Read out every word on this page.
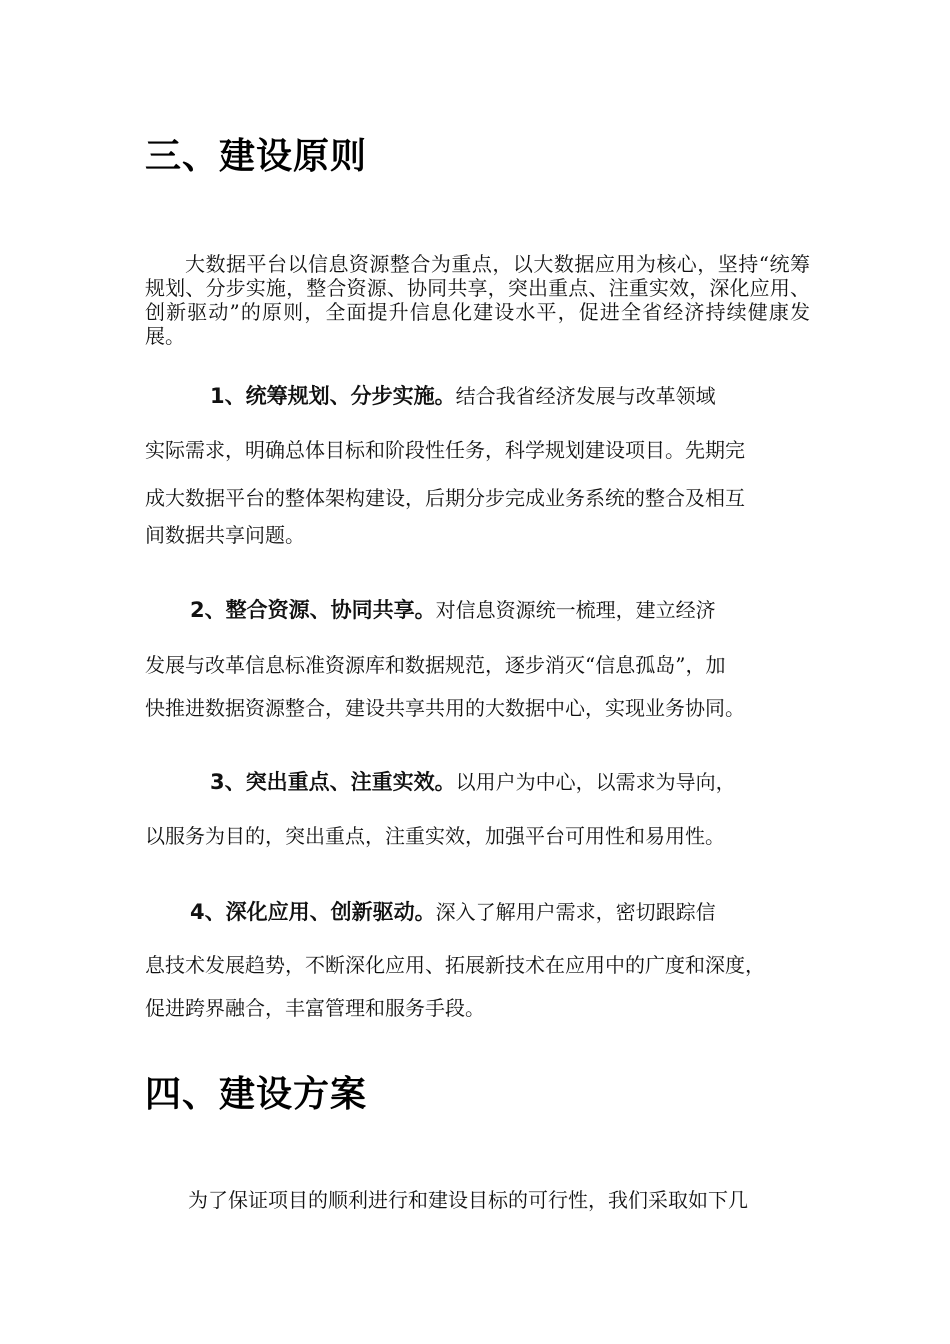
三、建设原则

大数据平台以信息资源整合为重点，以大数据应用为核心，坚持“统筹规划、分步实施，整合资源、协同共享，突出重点、注重实效，深化应用、创新驱动”的原则，全面提升信息化建设水平，促进全省经济持续健康发展。

1、统筹规划、分步实施。结合我省经济发展与改革领域

实际需求，明确总体目标和阶段性任务，科学规划建设项目。先期完

成大数据平台的整体架构建设，后期分步完成业务系统的整合及相互

间数据共享问题。

2、整合资源、协同共享。对信息资源统一梳理，建立经济

发展与改革信息标准资源库和数据规范，逐步消灭“信息孤岛”，加

快推进数据资源整合，建设共享共用的大数据中心，实现业务协同。

3、突出重点、注重实效。以用户为中心，以需求为导向，

以服务为目的，突出重点，注重实效，加强平台可用性和易用性。

4、深化应用、创新驱动。深入了解用户需求，密切跟踪信

息技术发展趋势，不断深化应用、拓展新技术在应用中的广度和深度，

促进跨界融合，丰富管理和服务手段。

四、建设方案

为了保证项目的顺利进行和建设目标的可行性，我们采取如下几
